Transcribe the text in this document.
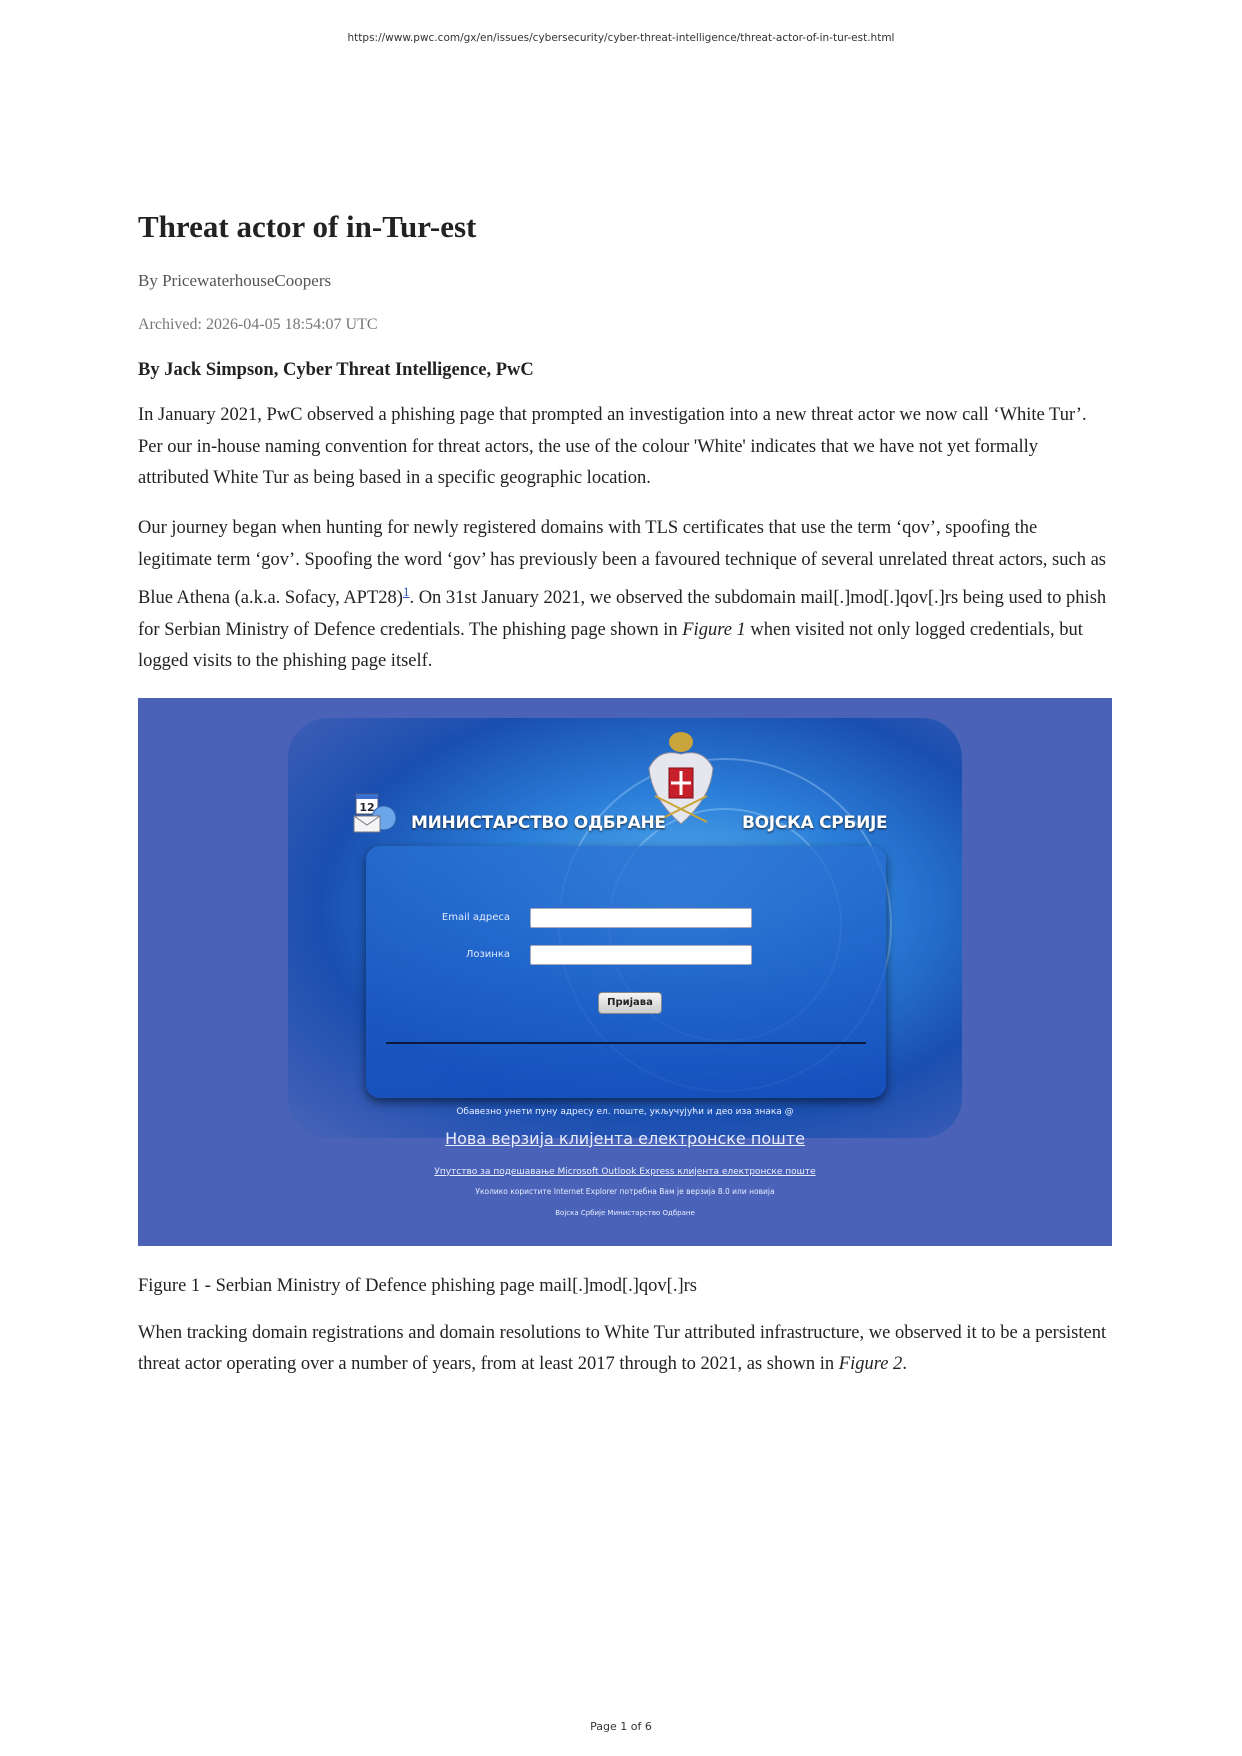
https://www.pwc.com/gx/en/issues/cybersecurity/cyber-threat-intelligence/threat-actor-of-in-tur-est.html
Threat actor of in-Tur-est
By PricewaterhouseCoopers
Archived: 2026-04-05 18:54:07 UTC
By Jack Simpson, Cyber Threat Intelligence, PwC

In January 2021, PwC observed a phishing page that prompted an investigation into a new threat actor we now call ‘White Tur’. Per our in-house naming convention for threat actors, the use of the colour 'White' indicates that we have not yet formally attributed White Tur as being based in a specific geographic location.

Our journey began when hunting for newly registered domains with TLS certificates that use the term ‘qov’, spoofing the legitimate term ‘gov’. Spoofing the word ‘gov’ has previously been a favoured technique of several unrelated threat actors, such as Blue Athena (a.k.a. Sofacy, APT28)$^1$. On 31st January 2021, we observed the subdomain mail[.]mod[.]qov[.]rs being used to phish for Serbian Ministry of Defence credentials. The phishing page shown in Figure 1 when visited not only logged credentials, but logged visits to the phishing page itself.

12
МИНИСТАРСТВО ОДБРАНЕ	ВОЈСКА СРБИЈЕ
Email адреса
Лозинка
Пријава
Обавезно унети пуну адресу ел. поште, укључујући и део иза знака @
Нова верзија клијента електронске поште
Упутство за подешавање Microsoft Outlook Express клијента електронске поште
Уколико користите Internet Explorer потребна Вам је верзија 8.0 или новија
Војска Србије Министарство Одбране
Figure 1 - Serbian Ministry of Defence phishing page mail[.]mod[.]qov[.]rs

When tracking domain registrations and domain resolutions to White Tur attributed infrastructure, we observed it to be a persistent threat actor operating over a number of years, from at least 2017 through to 2021, as shown in Figure 2.

Page 1 of 6
